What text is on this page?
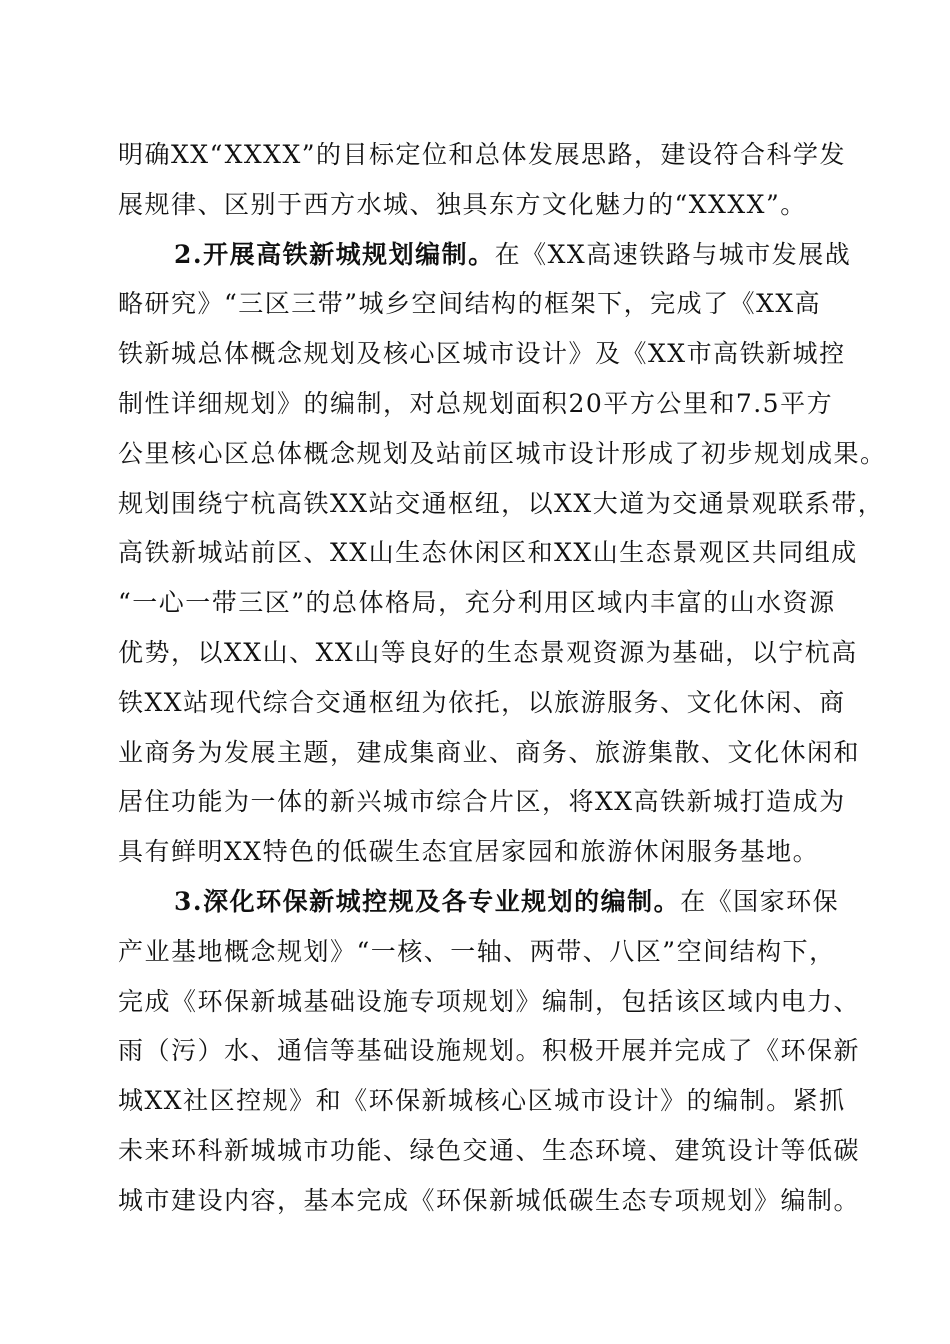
明确XX“XXXX”的目标定位和总体发展思路，建设符合科学发
展规律、区别于西方水城、独具东方文化魅力的“XXXX”。
2.开展高铁新城规划编制。在《XX高速铁路与城市发展战
略研究》“三区三带”城乡空间结构的框架下，完成了《XX高
铁新城总体概念规划及核心区城市设计》及《XX市高铁新城控
制性详细规划》的编制，对总规划面积20平方公里和7.5平方
公里核心区总体概念规划及站前区城市设计形成了初步规划成果。
规划围绕宁杭高铁XX站交通枢纽，以XX大道为交通景观联系带，
高铁新城站前区、XX山生态休闲区和XX山生态景观区共同组成
“一心一带三区”的总体格局，充分利用区域内丰富的山水资源
优势，以XX山、XX山等良好的生态景观资源为基础，以宁杭高
铁XX站现代综合交通枢纽为依托，以旅游服务、文化休闲、商
业商务为发展主题，建成集商业、商务、旅游集散、文化休闲和
居住功能为一体的新兴城市综合片区，将XX高铁新城打造成为
具有鲜明XX特色的低碳生态宜居家园和旅游休闲服务基地。
3.深化环保新城控规及各专业规划的编制。在《国家环保
产业基地概念规划》“一核、一轴、两带、八区”空间结构下，
完成《环保新城基础设施专项规划》编制，包括该区域内电力、
雨（污）水、通信等基础设施规划。积极开展并完成了《环保新
城XX社区控规》和《环保新城核心区城市设计》的编制。紧抓
未来环科新城城市功能、绿色交通、生态环境、建筑设计等低碳
城市建设内容，基本完成《环保新城低碳生态专项规划》编制。
